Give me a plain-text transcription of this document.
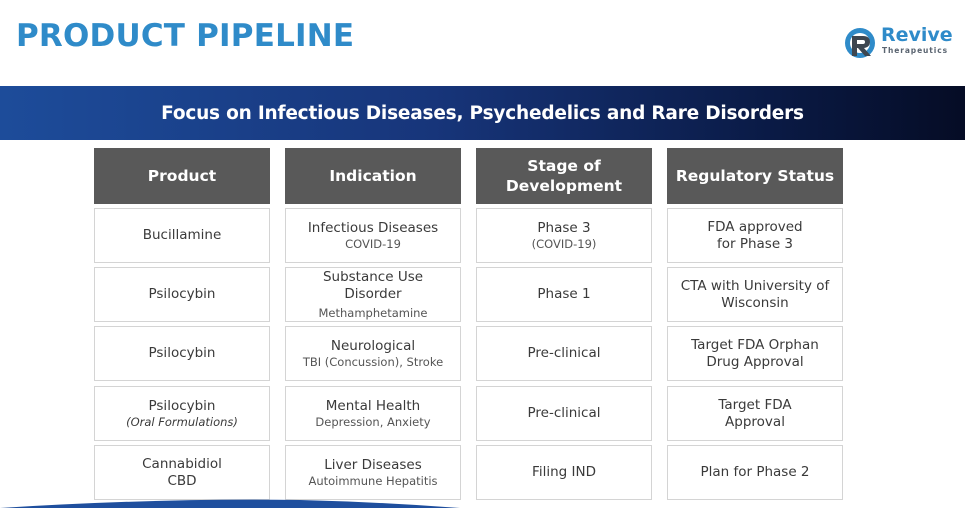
PRODUCT PIPELINE	Revive
Therapeutics
Focus on Infectious Diseases, Psychedelics and Rare Disorders
Product
Bucillamine
Psilocybin
Psilocybin
Psilocybin
(Oral Formulations)
Cannabidiol
CBD
Indication
Infectious Diseases
COVID-19
Substance Use Disorder
Methamphetamine
Neurological
TBI (Concussion), Stroke
Mental Health
Depression, Anxiety
Liver Diseases
Autoimmune Hepatitis
Stage of Development
Phase 3
(COVID-19)
Phase 1
Pre-clinical
Pre-clinical
Filing IND
Regulatory Status
FDA approved for Phase 3
CTA with University of Wisconsin
Target FDA Orphan Drug Approval
Target FDA Approval
Plan for Phase 2
